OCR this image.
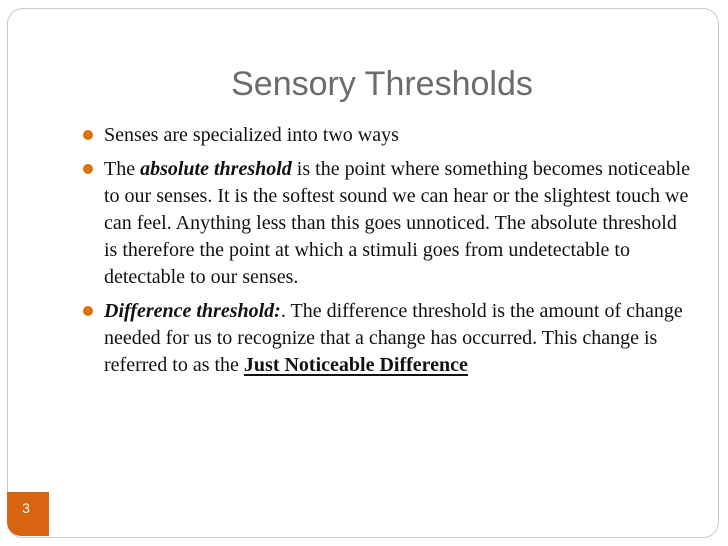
Sensory Thresholds
Senses are specialized into two ways
The absolute threshold is the point where something becomes noticeable to our senses. It is the softest sound we can hear or the slightest touch we can feel. Anything less than this goes unnoticed. The absolute threshold is therefore the point at which a stimuli goes from undetectable to detectable to our senses.
Difference threshold:. The difference threshold is the amount of change needed for us to recognize that a change has occurred. This change is referred to as the Just Noticeable Difference
3
